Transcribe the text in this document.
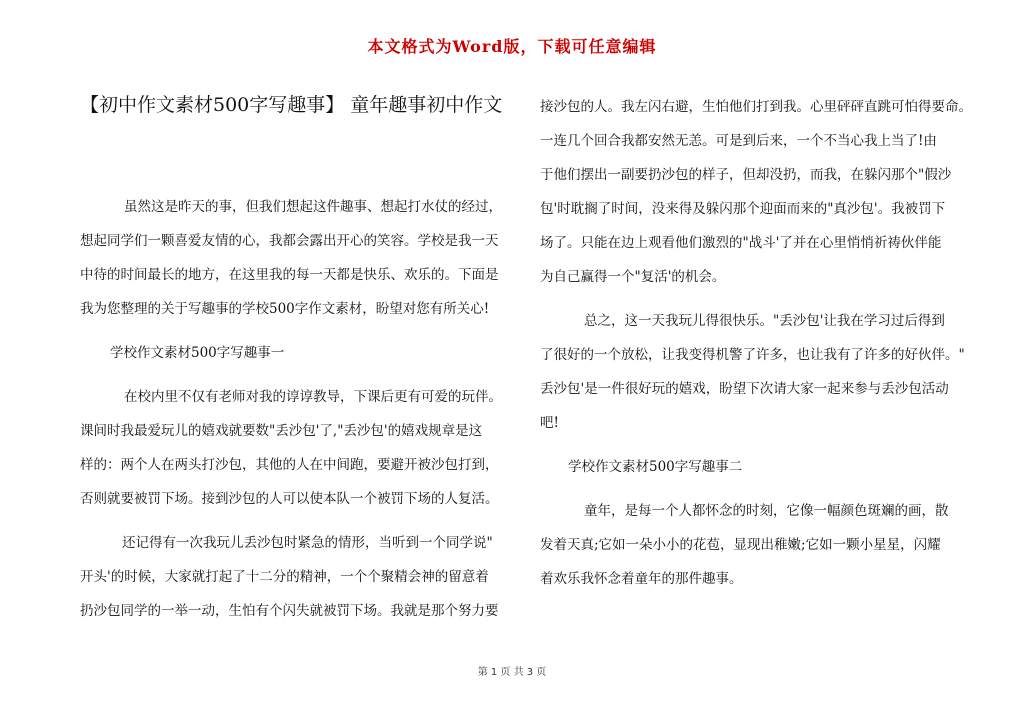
本文格式为Word版，下载可任意编辑
【初中作文素材500字写趣事】 童年趣事初中作文
虽然这是昨天的事，但我们想起这件趣事、想起打水仗的经过，
想起同学们一颗喜爱友情的心，我都会露出开心的笑容。学校是我一天
中待的时间最长的地方，在这里我的每一天都是快乐、欢乐的。下面是
我为您整理的关于写趣事的学校500字作文素材，盼望对您有所关心!
学校作文素材500字写趣事一
在校内里不仅有老师对我的谆谆教导，下课后更有可爱的玩伴。
课间时我最爱玩儿的嬉戏就要数"丢沙包'了,"丢沙包'的嬉戏规章是这
样的：两个人在两头打沙包，其他的人在中间跑，要避开被沙包打到，
否则就要被罚下场。接到沙包的人可以使本队一个被罚下场的人复活。
还记得有一次我玩儿丢沙包时紧急的情形，当听到一个同学说"
开头'的时候，大家就打起了十二分的精神，一个个聚精会神的留意着
扔沙包同学的一举一动，生怕有个闪失就被罚下场。我就是那个努力要
接沙包的人。我左闪右避，生怕他们打到我。心里砰砰直跳可怕得要命。
一连几个回合我都安然无恙。可是到后来，一个不当心我上当了!由
于他们摆出一副要扔沙包的样子，但却没扔，而我，在躲闪那个"假沙
包'时耽搁了时间，没来得及躲闪那个迎面而来的"真沙包'。我被罚下
场了。只能在边上观看他们激烈的"战斗'了并在心里悄悄祈祷伙伴能
为自己赢得一个"复活'的机会。
总之，这一天我玩儿得很快乐。"丢沙包'让我在学习过后得到
了很好的一个放松，让我变得机警了许多，也让我有了许多的好伙伴。"
丢沙包'是一件很好玩的嬉戏，盼望下次请大家一起来参与丢沙包活动
吧!
学校作文素材500字写趣事二
童年，是每一个人都怀念的时刻，它像一幅颜色斑斓的画，散
发着天真;它如一朵小小的花苞，显现出稚嫩;它如一颗小星星，闪耀
着欢乐我怀念着童年的那件趣事。
第 1 页 共 3 页
